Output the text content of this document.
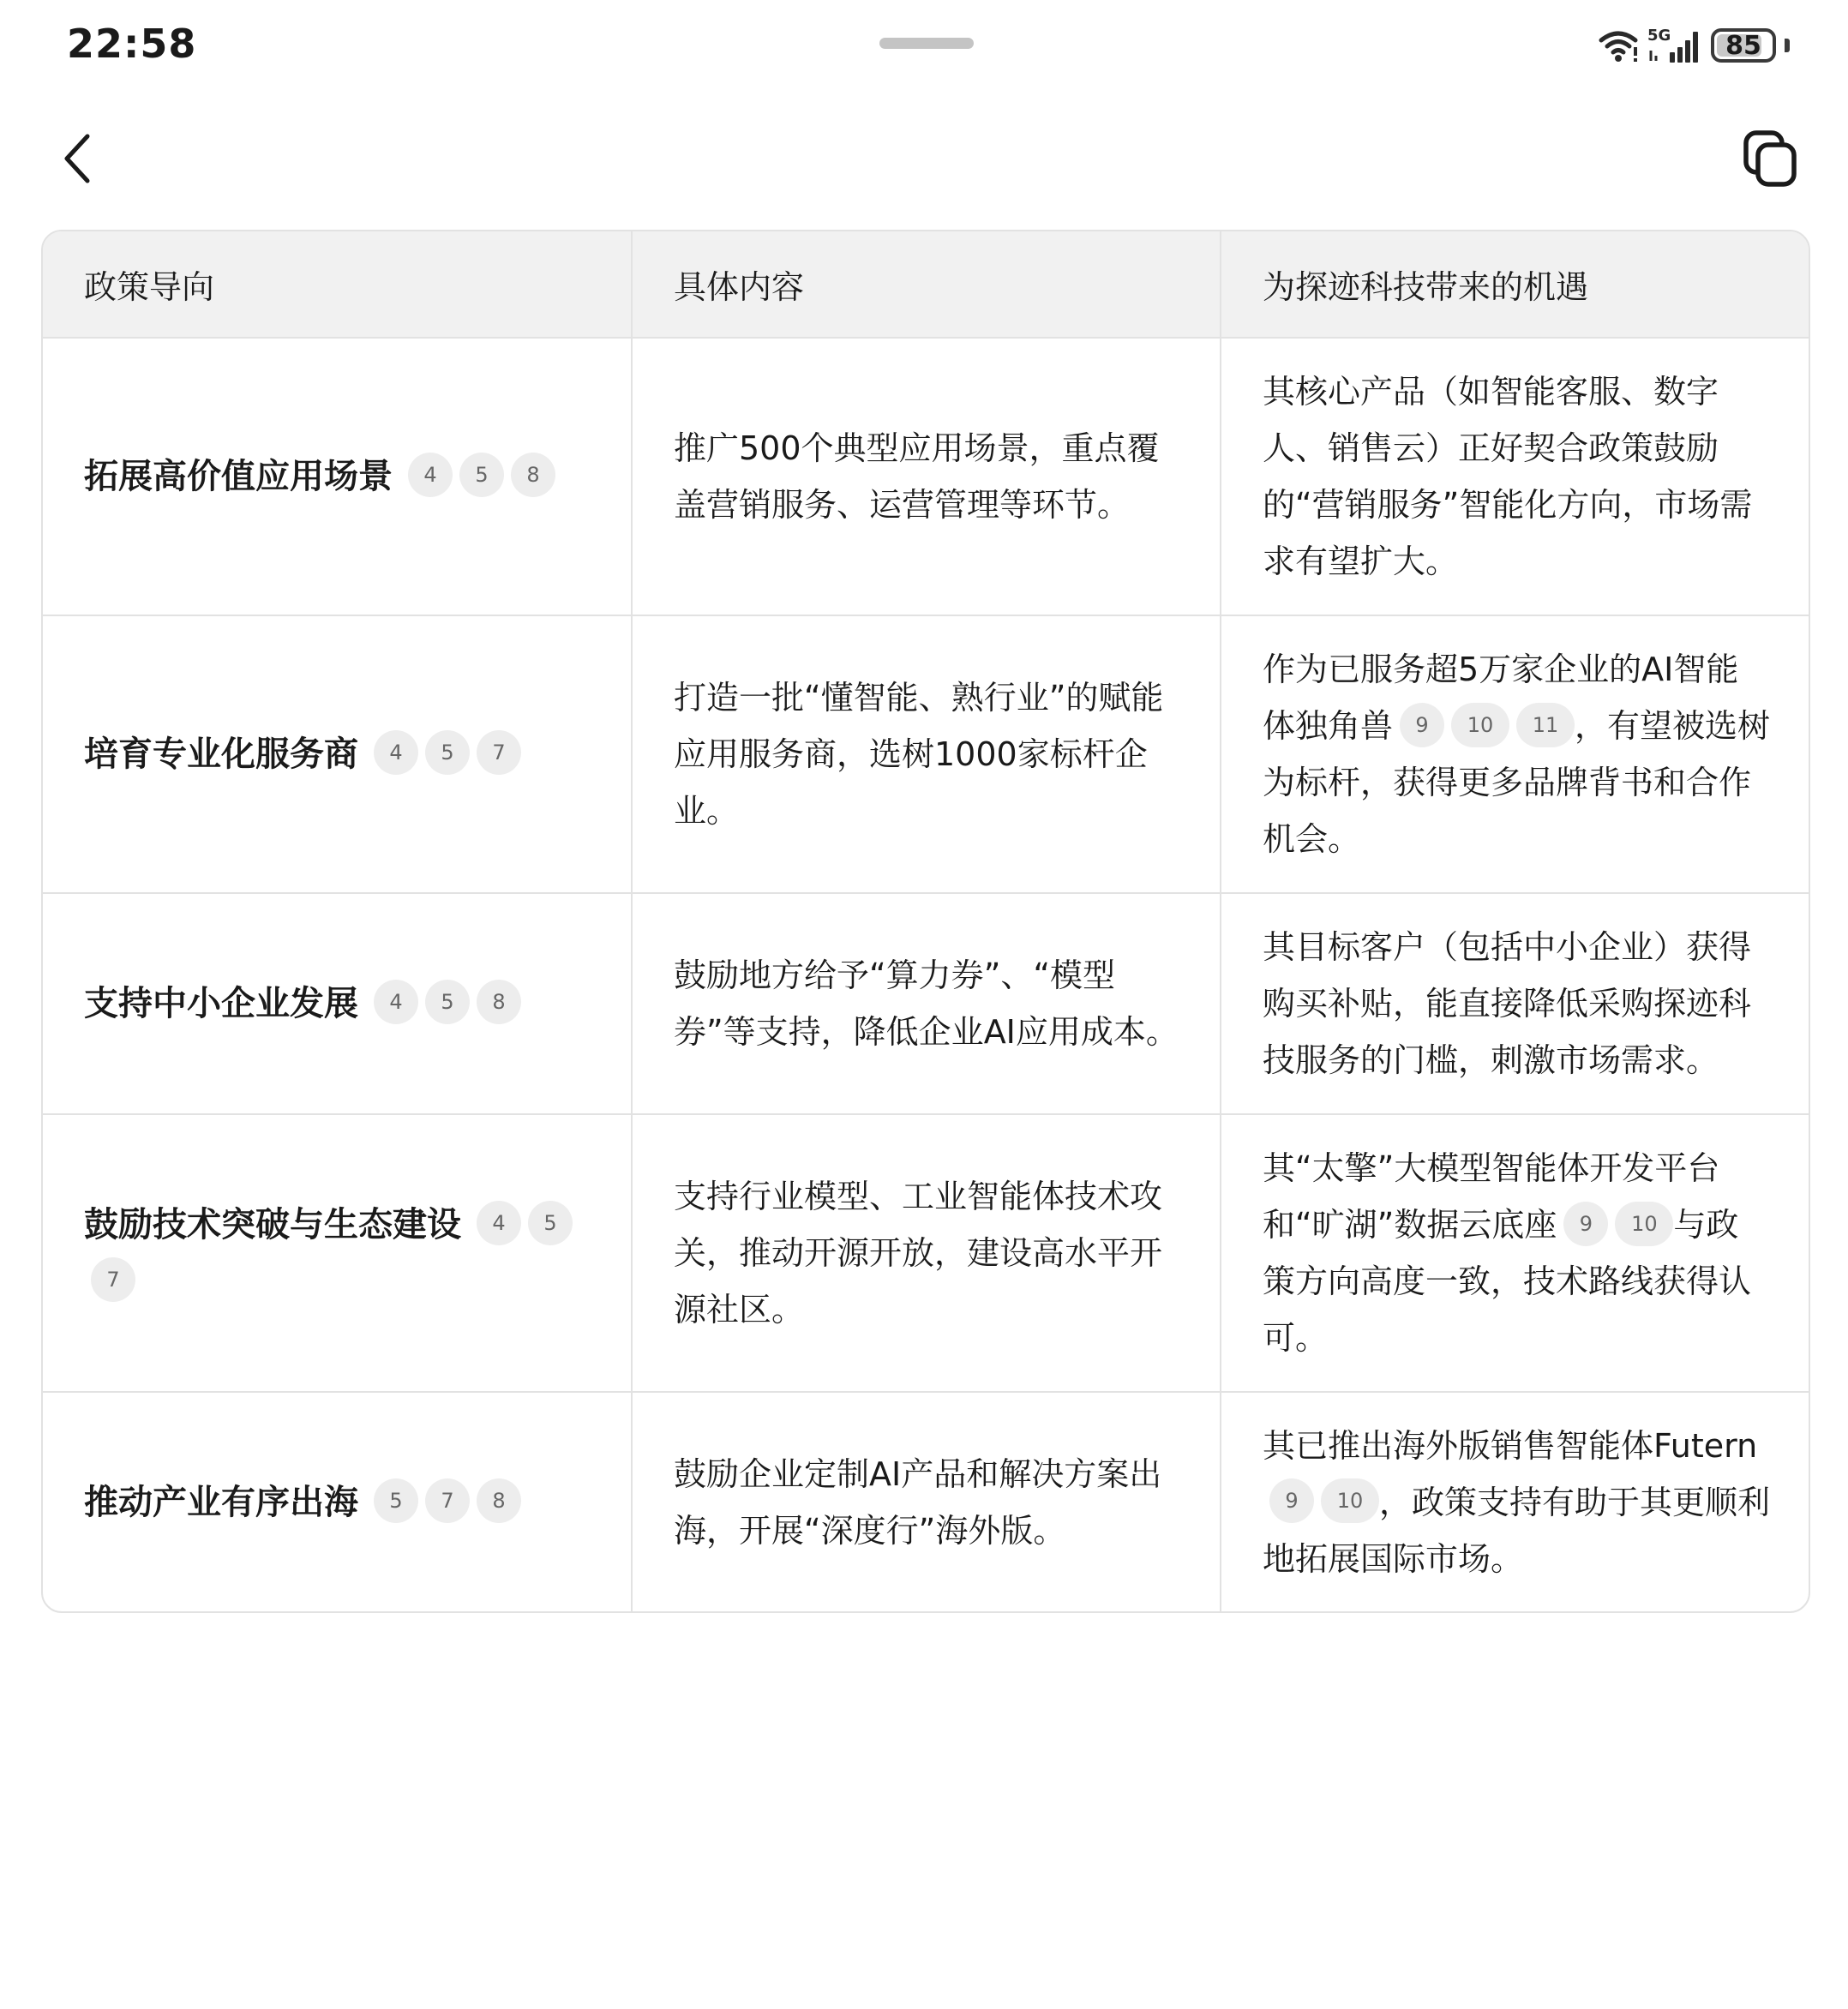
22:58	5G 85
政策导向	具体内容	为探迹科技带来的机遇
拓展高价值应用场景 4 5 8	推广500个典型应用场景，重点覆盖营销服务、运营管理等环节。	其核心产品（如智能客服、数字人、销售云）正好契合政策鼓励的“营销服务”智能化方向，市场需求有望扩大。
培育专业化服务商 4 5 7	打造一批“懂智能、熟行业”的赋能应用服务商，选树1000家标杆企业。	作为已服务超5万家企业的AI智能体独角兽 9 10 11 ，有望被选树为标杆，获得更多品牌背书和合作机会。
支持中小企业发展 4 5 8	鼓励地方给予“算力券”、“模型券”等支持，降低企业AI应用成本。	其目标客户（包括中小企业）获得购买补贴，能直接降低采购探迹科技服务的门槛，刺激市场需求。
鼓励技术突破与生态建设 4 57	支持行业模型、工业智能体技术攻关，推动开源开放，建设高水平开源社区。	其“太擎”大模型智能体开发平台和“旷湖”数据云底座 9 10 与政策方向高度一致，技术路线获得认可。
推动产业有序出海 5 7 8	鼓励企业定制AI产品和解决方案出海，开展“深度行”海外版。	其已推出海外版销售智能体Futern9 10 ，政策支持有助于其更顺利地拓展国际市场。
